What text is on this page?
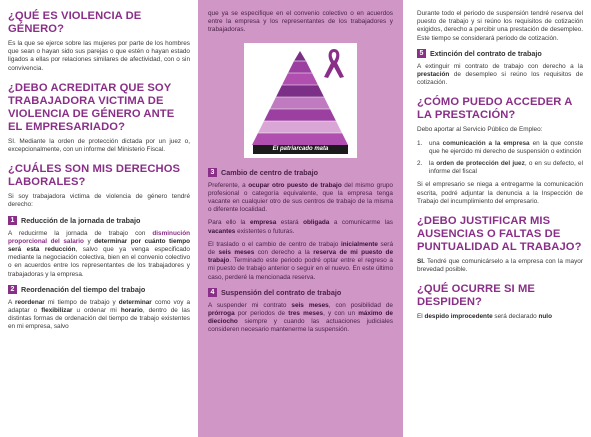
¿QUÉ ES VIOLENCIA DE GÉNERO?
Es la que se ejerce sobre las mujeres por parte de los hombres que sean o hayan sido sus parejas o que estén o hayan estado ligados a ellas por relaciones similares de afectividad, con o sin convivencia.
¿DEBO ACREDITAR QUE SOY TRABAJADORA VICTIMA DE VIOLENCIA DE GÉNERO ANTE EL EMPRESARIADO?
SI. Mediante la orden de protección dictada por un juez o, excepcionalmente, con un informe del Ministerio Fiscal.
¿CUÁLES SON MIS DERECHOS LABORALES?
Si soy trabajadora victima de violencia de género tendré derecho:
1 Reducción de la jornada de trabajo
A reducirme la jornada de trabajo con disminución proporcional del salario y determinar por cuánto tiempo será esta reducción, salvo que ya venga especificado mediante la negociación colectiva, bien en el convenio colectivo o en acuerdos entre los representantes de los trabajadores y trabajadoras y la empresa.
2 Reordenación del tiempo del trabajo
A reordenar mi tiempo de trabajo y determinar como voy a adaptar o flexibilizar u ordenar mi horario, dentro de las distintas formas de ordenación del tiempo de trabajo existentes en mi empresa, salvo
que ya se especifique en el convenio colectivo o en acuerdos entre la empresa y los representantes de los trabajadores y trabajadoras.
El patriarcado mata
3 Cambio de centro de trabajo
Preferente, a ocupar otro puesto de trabajo del mismo grupo profesional o categoría equivalente, que la empresa tenga vacante en cualquier otro de sus centros de trabajo de la misma o diferente localidad.
Para ello la empresa estará obligada a comunicarme las vacantes existentes o futuras.
El traslado o el cambio de centro de trabajo inicialmente será de seis meses con derecho a la reserva de mi puesto de trabajo. Terminado este periodo podré optar entre el regreso a mi puesto de trabajo anterior o seguir en el nuevo. En este último caso, perderé la mencionada reserva.
4 Suspensión del contrato de trabajo
A suspender mi contrato seis meses, con posibilidad de prórroga por periodos de tres meses, y con un máximo de dieciocho siempre y cuando las actuaciones judiciales consideren necesario mantenerme la suspensión.
Durante todo el periodo de suspensión tendré reserva del puesto de trabajo y si reúno los requisitos de cotización exigidos, derecho a percibir una prestación de desempleo. Este tiempo se considerará periodo de cotización.
5 Extinción del contrato de trabajo
A extinguir mi contrato de trabajo con derecho a la prestación de desempleo si reúno los requisitos de cotización.
¿CÓMO PUEDO ACCEDER A LA PRESTACIÓN?
Debo aportar al Servicio Público de Empleo:
1.	una comunicación a la empresa en la que conste que he ejercido mi derecho de suspensión o extinción
2.	la orden de protección del juez, o en su defecto, el informe del fiscal
Si el empresario se niega a entregarme la comunicación escrita, podré adjuntar la denuncia a la Inspección de Trabajo del incumplimiento del empresario.
¿DEBO JUSTIFICAR MIS AUSENCIAS O FALTAS DE PUNTUALIDAD AL TRABAJO?
SI. Tendré que comunicárselo a la empresa con la mayor brevedad posible.
¿QUÉ OCURRE SI ME DESPIDEN?
El despido improcedente será declarado nulo
